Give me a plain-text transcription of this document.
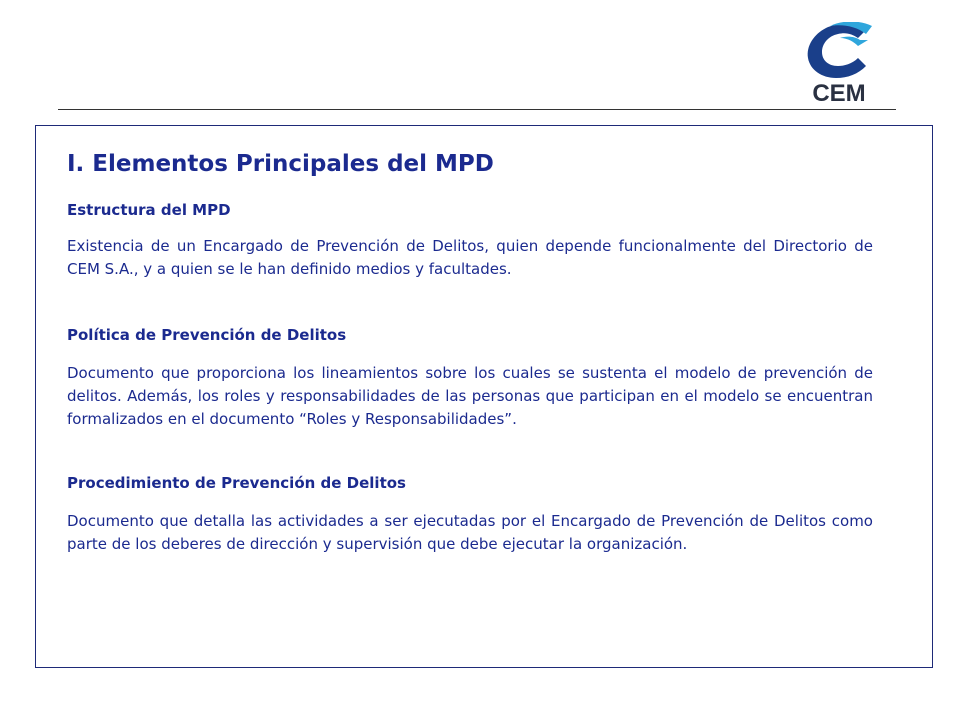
CEM
I. Elementos Principales del MPD

Estructura del MPD

Existencia de un Encargado de Prevención de Delitos, quien depende funcionalmente del Directorio de CEM S.A., y a quien se le han definido medios y facultades.

Política de Prevención de Delitos

Documento que proporciona los lineamientos sobre los cuales se sustenta el modelo de prevención de delitos. Además, los roles y responsabilidades de las personas que participan en el modelo se encuentran formalizados en el documento “Roles y Responsabilidades”.

Procedimiento de Prevención de Delitos

Documento que detalla las actividades a ser ejecutadas por el Encargado de Prevención de Delitos como parte de los deberes de dirección y supervisión que debe ejecutar la organización.
